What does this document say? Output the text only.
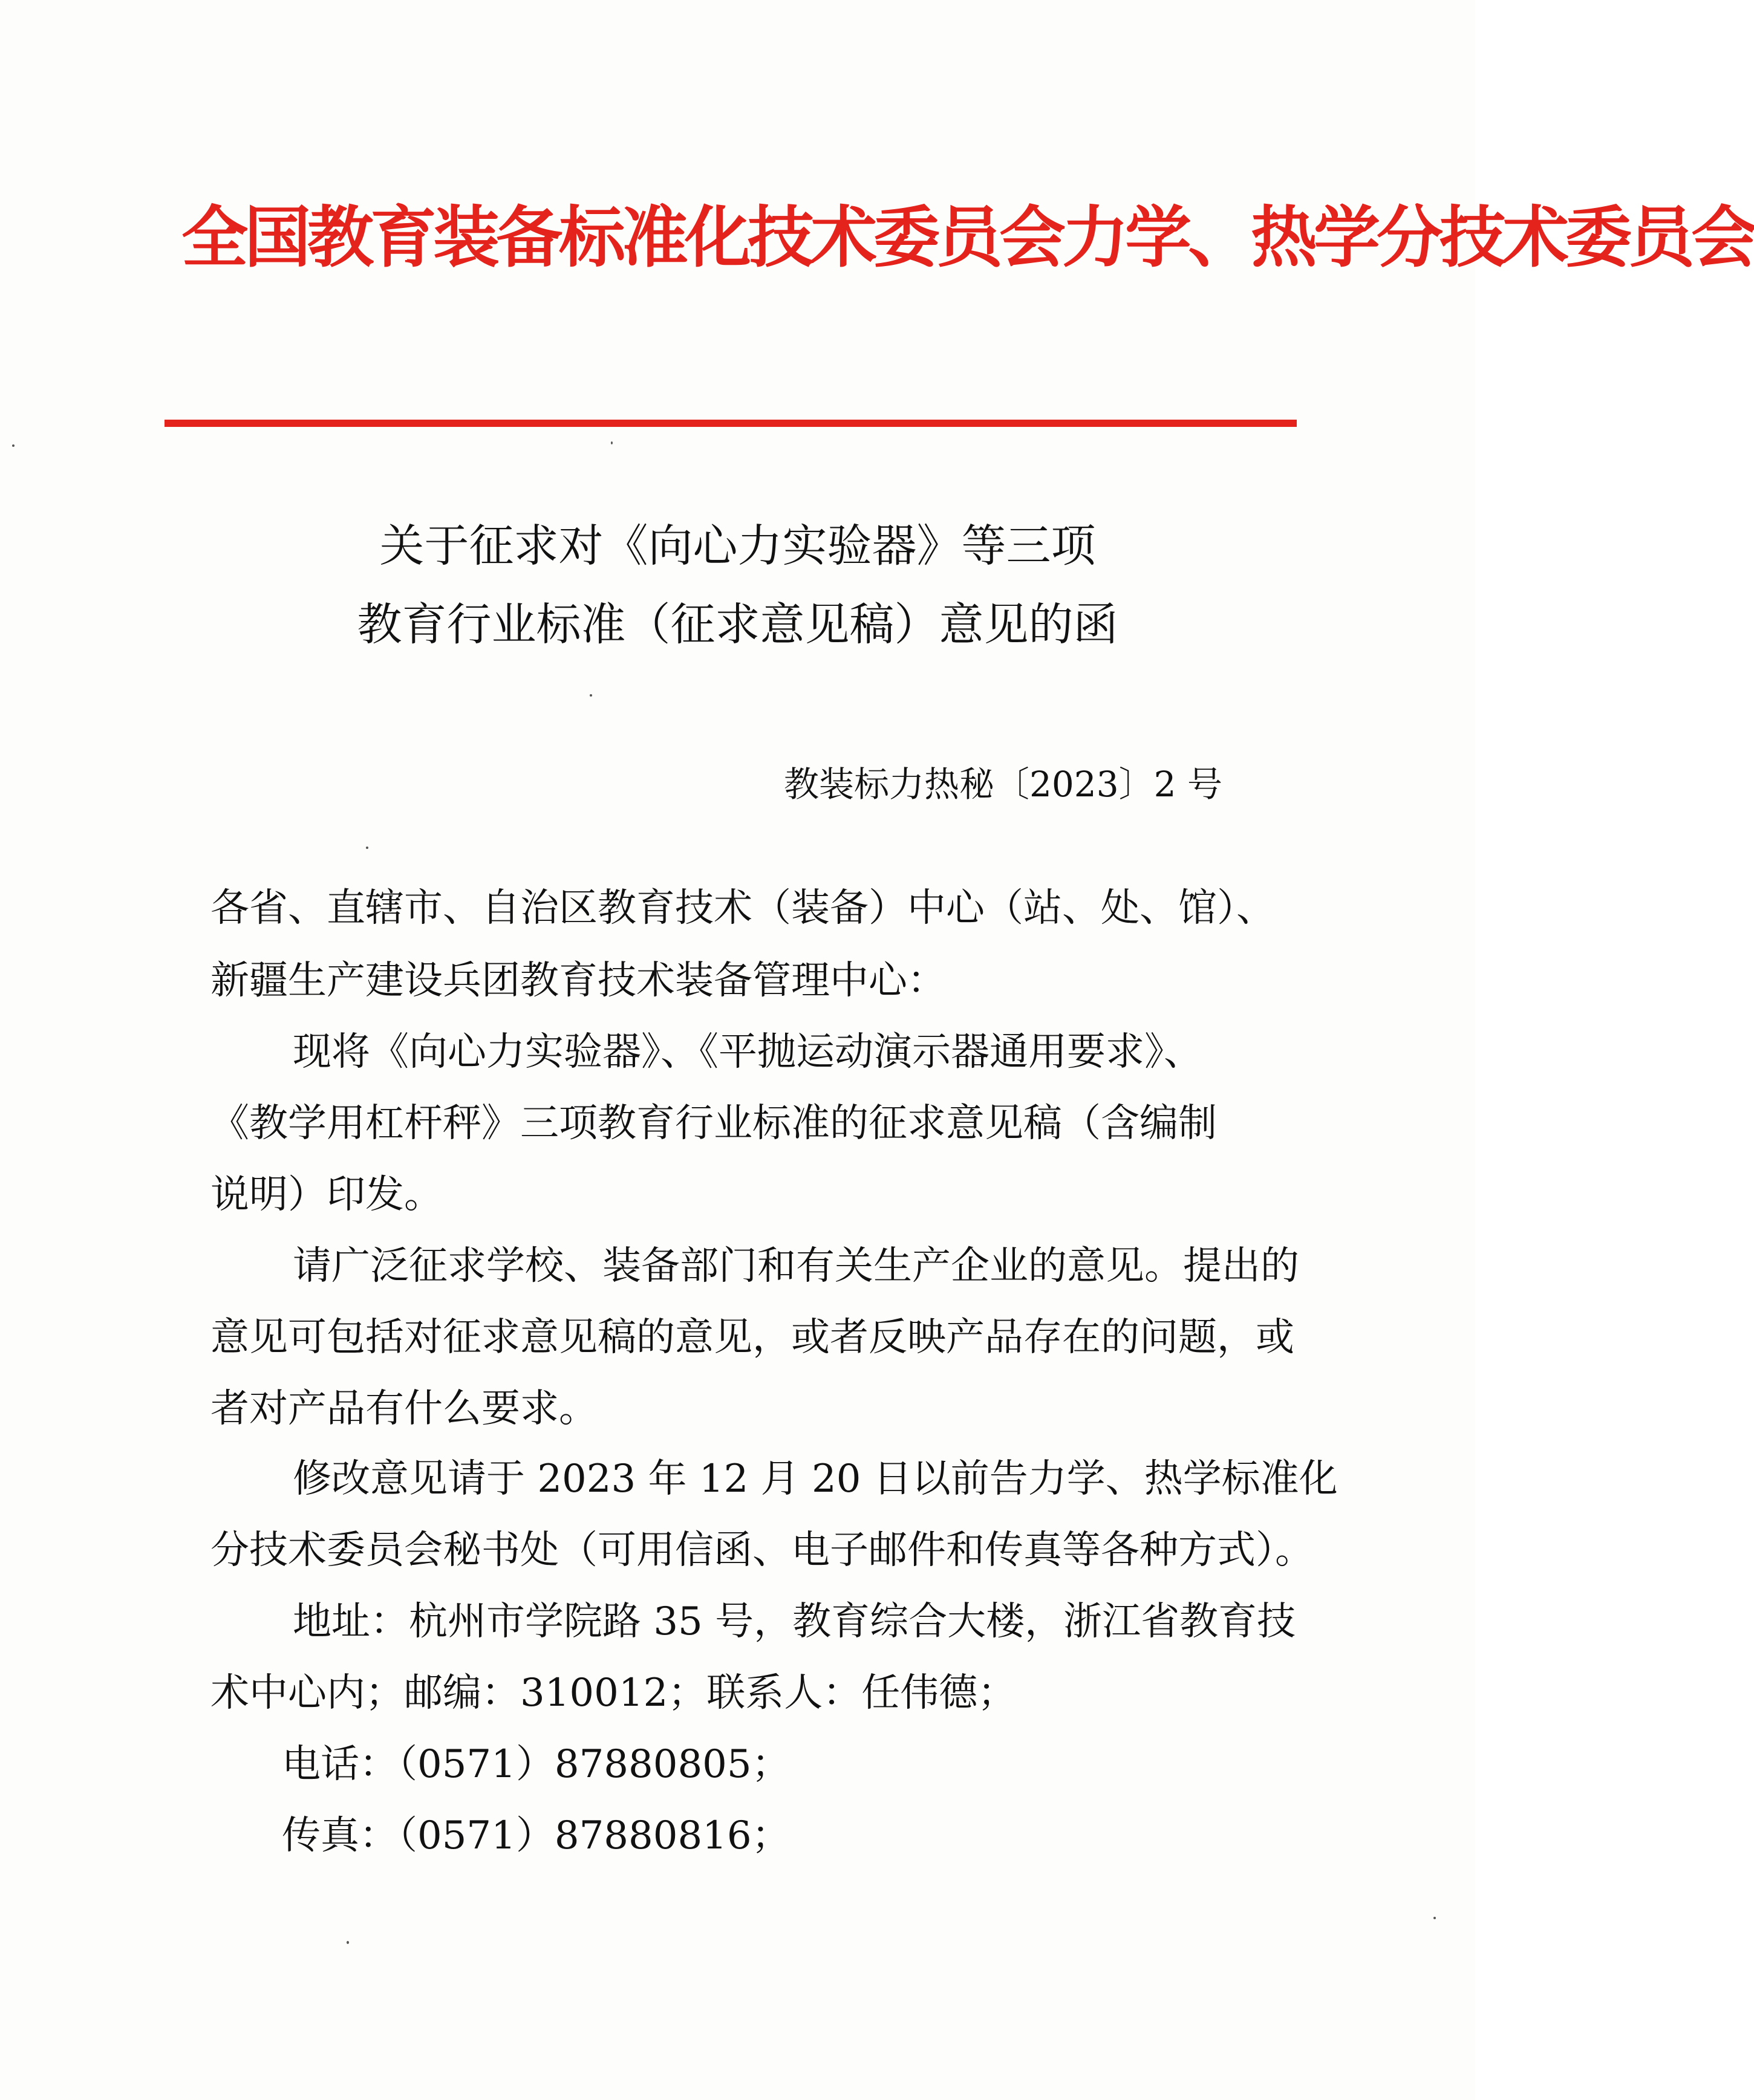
全国教育装备标准化技术委员会力学、热学分技术委员会
关于征求对《向心力实验器》等三项
教育行业标准（征求意见稿）意见的函
教装标力热秘〔2023〕2 号
各省、直辖市、自治区教育技术（装备）中心（站、处、馆）、
新疆生产建设兵团教育技术装备管理中心：
现将《向心力实验器》、《平抛运动演示器通用要求》、
《教学用杠杆秤》三项教育行业标准的征求意见稿（含编制
说明）印发。
请广泛征求学校、装备部门和有关生产企业的意见。提出的
意见可包括对征求意见稿的意见，或者反映产品存在的问题，或
者对产品有什么要求。
修改意见请于 2023 年 12 月 20 日以前告力学、热学标准化
分技术委员会秘书处（可用信函、电子邮件和传真等各种方式）。
地址：杭州市学院路 35 号，教育综合大楼，浙江省教育技
术中心内；邮编：310012；联系人：任伟德；
电话：（0571）87880805；
传真：（0571）87880816；
